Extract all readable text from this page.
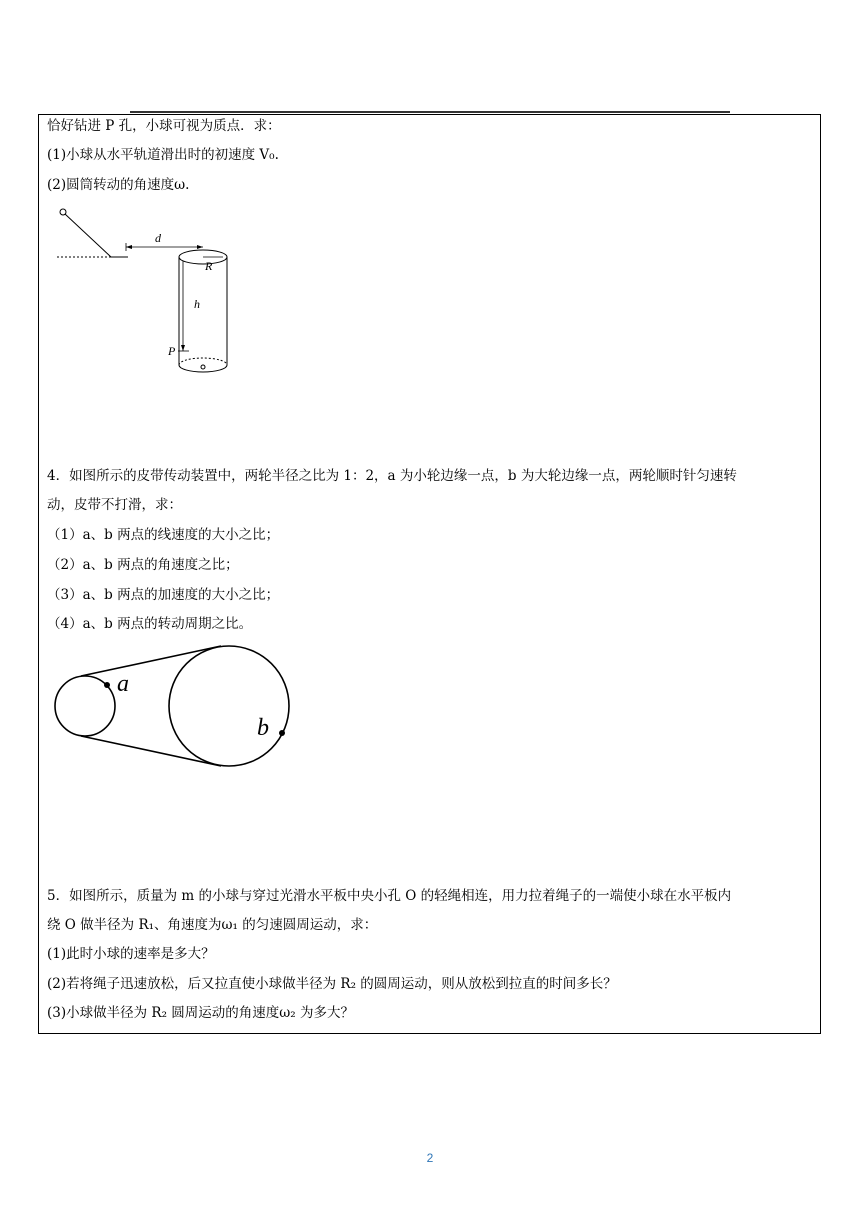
恰好钻进 P 孔，小球可视为质点．求：
(1)小球从水平轨道滑出时的初速度 V₀.
(2)圆筒转动的角速度ω.
d
R
h
P
4．如图所示的皮带传动装置中，两轮半径之比为 1：2，a 为小轮边缘一点，b 为大轮边缘一点，两轮顺时针匀速转
动，皮带不打滑，求：
（1）a、b 两点的线速度的大小之比；
（2）a、b 两点的角速度之比；
（3）a、b 两点的加速度的大小之比；
（4）a、b 两点的转动周期之比。
a
b
5．如图所示，质量为 m 的小球与穿过光滑水平板中央小孔 O 的轻绳相连，用力拉着绳子的一端使小球在水平板内
绕 O 做半径为 R₁、角速度为ω₁ 的匀速圆周运动，求：
(1)此时小球的速率是多大？
(2)若将绳子迅速放松，后又拉直使小球做半径为 R₂ 的圆周运动，则从放松到拉直的时间多长？
(3)小球做半径为 R₂ 圆周运动的角速度ω₂ 为多大？
2
